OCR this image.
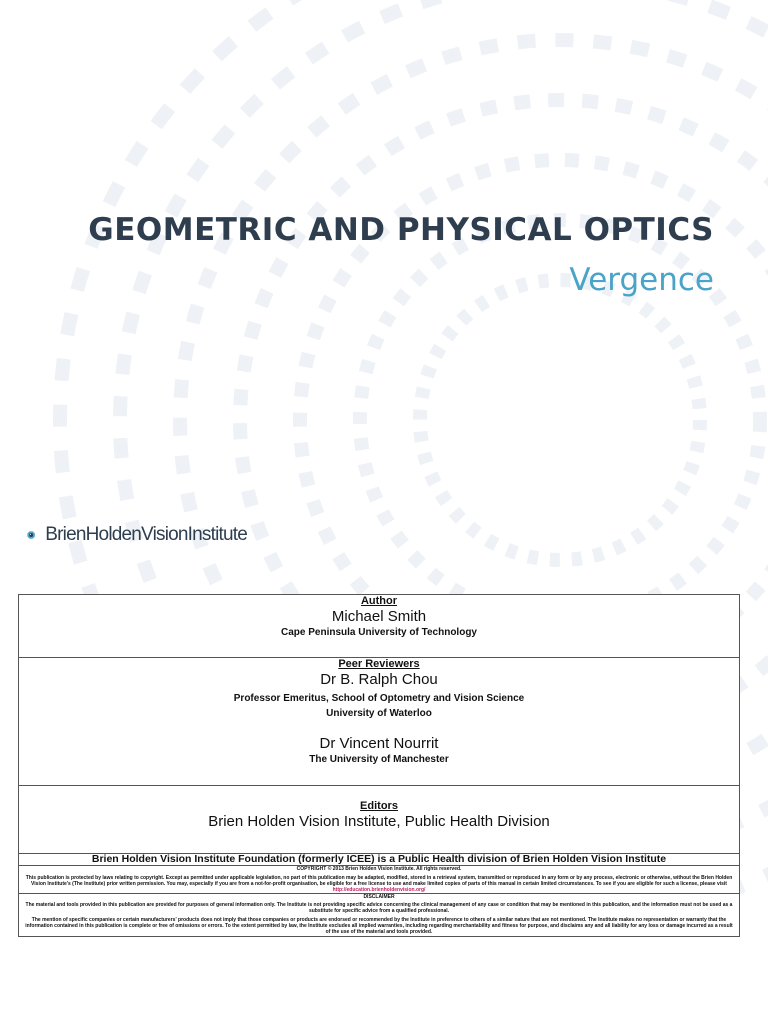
GEOMETRIC AND PHYSICAL OPTICS
Vergence
BrienHoldenVisionInstitute
Author
Michael Smith
Cape Peninsula University of Technology

Peer Reviewers
Dr B. Ralph Chou
Professor Emeritus, School of Optometry and Vision Science
University of Waterloo
Dr Vincent Nourrit
The University of Manchester

Editors
Brien Holden Vision Institute, Public Health Division

Brien Holden Vision Institute Foundation (formerly ICEE) is a Public Health division of Brien Holden Vision Institute

COPYRIGHT © 2013 Brien Holden Vision Institute. All rights reserved.
This publication is protected by laws relating to copyright. Except as permitted under applicable legislation, no part of this publication may be adapted, modified, stored in a retrieval system, transmitted or reproduced in any form or by any process, electronic or otherwise, without the Brien Holden Vision Institute's (The Institute) prior written permission. You may, especially if you are from a not-for-profit organisation, be eligible for a free license to use and make limited copies of parts of this manual in certain limited circumstances. To see if you are eligible for such a license, please visit http://education.brienholdenvision.org/

DISCLAIMER
The material and tools provided in this publication are provided for purposes of general information only. The Institute is not providing specific advice concerning the clinical management of any case or condition that may be mentioned in this publication, and the information must not be used as a substitute for specific advice from a qualified professional.
The mention of specific companies or certain manufacturers' products does not imply that those companies or products are endorsed or recommended by the Institute in preference to others of a similar nature that are not mentioned. The Institute makes no representation or warranty that the information contained in this publication is complete or free of omissions or errors. To the extent permitted by law, the Institute excludes all implied warranties, including regarding merchantability and fitness for purpose, and disclaims any and all liability for any loss or damage incurred as a result of the use of the material and tools provided.
